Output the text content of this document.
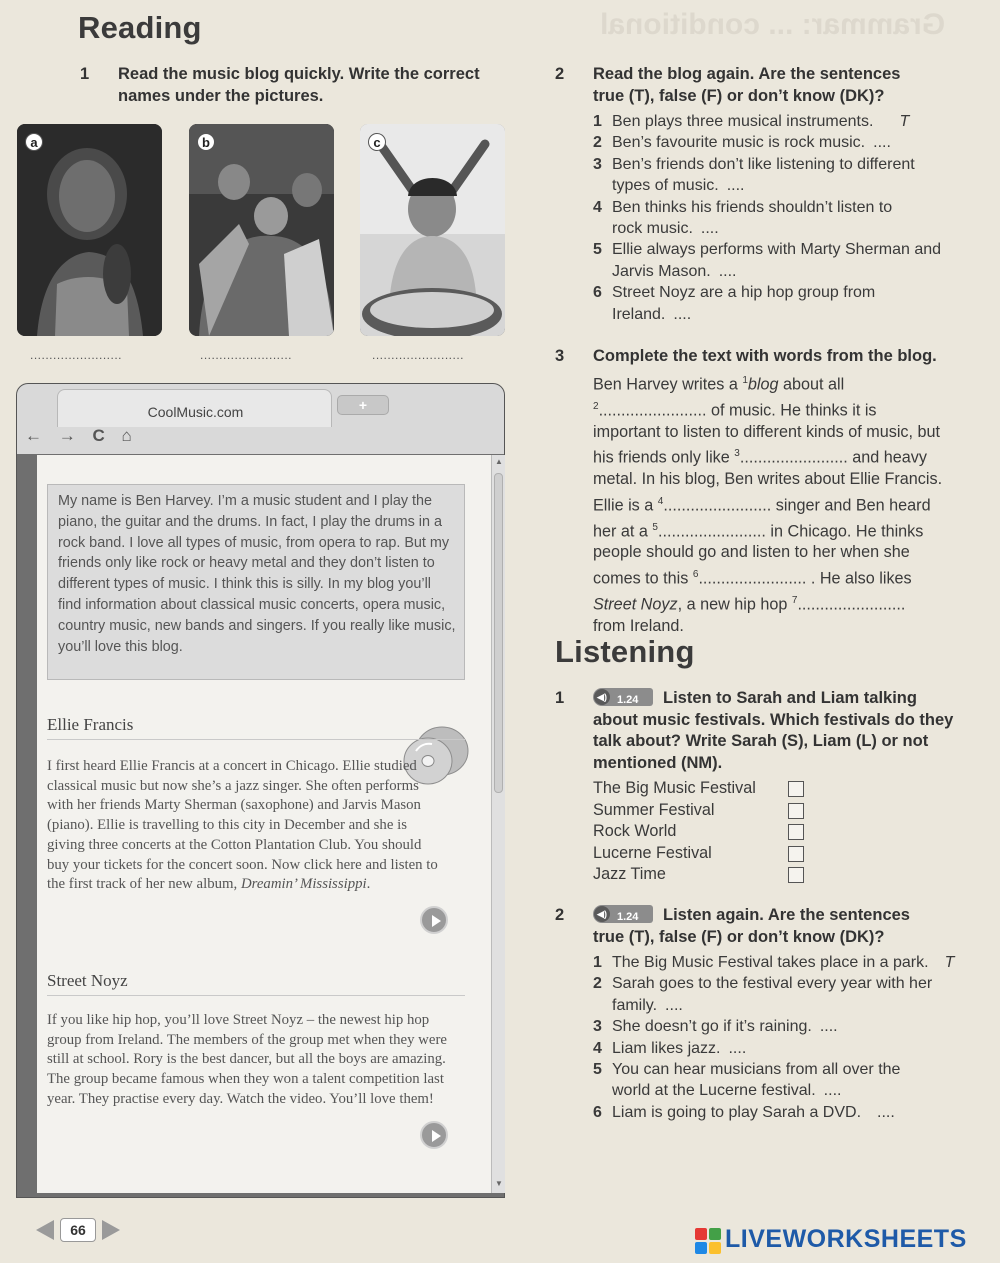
Grammar: ... conditional
Reading
1 Read the music blog quickly. Write the correct
names under the pictures.
a	b	c
........................	........................	........................
CoolMusic.com	+
← → C ⌂
My name is Ben Harvey. I’m a music student and I play the piano, the guitar and the drums. In fact, I play the drums in a rock band. I love all types of music, from opera to rap. But my friends only like rock or heavy metal and they don’t listen to different types of music. I think this is silly. In my blog you’ll find information about classical music concerts, opera music, country music, new bands and singers. If you really like music, you’ll love this blog.
Ellie Francis
I first heard Ellie Francis at a concert in Chicago. Ellie studied classical music but now she’s a jazz singer. She often performs with her friends Marty Sherman (saxophone) and Jarvis Mason (piano). Ellie is travelling to this city in December and she is giving three concerts at the Cotton Plantation Club. You should buy your tickets for the concert soon. Now click here and listen to the first track of her new album, Dreamin’ Mississippi.
Street Noyz
If you like hip hop, you’ll love Street Noyz – the newest hip hop group from Ireland. The members of the group met when they were still at school. Rory is the best dancer, but all the boys are amazing. The group became famous when they won a talent competition last year. They practise every day. Watch the video. You’ll love them!
▲
▼
2 Read the blog again. Are the sentences
true (T), false (F) or don’t know (DK)?
1 Ben plays three musical instruments. T
2 Ben’s favourite music is rock music. ....
3 Ben’s friends don’t like listening to different
types of music. ....
4 Ben thinks his friends shouldn’t listen to
rock music. ....
5 Ellie always performs with Marty Sherman and
Jarvis Mason. ....
6 Street Noyz are a hip hop group from
Ireland. ....
3 Complete the text with words from the blog.
Ben Harvey writes a $^1$blog about all
$^2$........................ of music. He thinks it is
important to listen to different kinds of music, but
his friends only like $^3$........................ and heavy
metal. In his blog, Ben writes about Ellie Francis.
Ellie is a $^4$........................ singer and Ben heard
her at a $^5$........................ in Chicago. He thinks
people should go and listen to her when she
comes to this $^6$........................ . He also likes
Street Noyz, a new hip hop $^7$........................
from Ireland.
Listening
1	◀) 1.24 Listen to Sarah and Liam talking
about music festivals. Which festivals do they
talk about? Write Sarah (S), Liam (L) or not
mentioned (NM).
The Big Music Festival
Summer Festival
Rock World
Lucerne Festival
Jazz Time
2	◀) 1.24 Listen again. Are the sentences
true (T), false (F) or don’t know (DK)?
1 The Big Music Festival takes place in a park. T
2 Sarah goes to the festival every year with her
family. ....
3 She doesn’t go if it’s raining. ....
4 Liam likes jazz. ....
5 You can hear musicians from all over the
world at the Lucerne festival. ....
6 Liam is going to play Sarah a DVD. ....
66	LIVEWORKSHEETS
